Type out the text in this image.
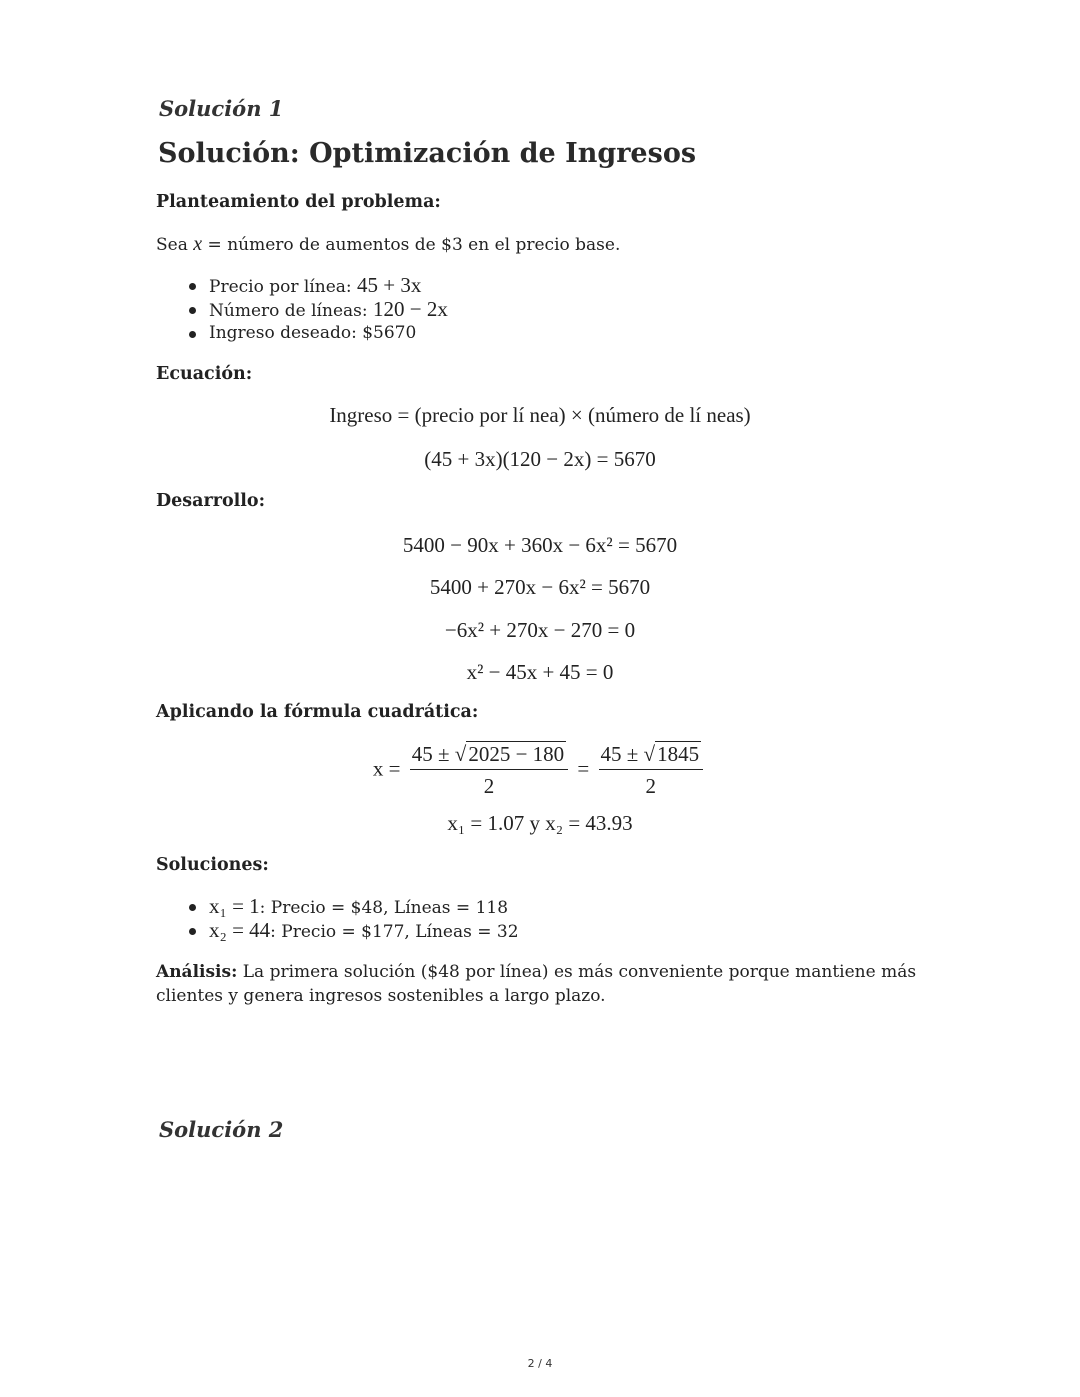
Solución 1
Solución: Optimización de Ingresos
Planteamiento del problema:
Sea x = número de aumentos de $3 en el precio base.
Precio por línea: 45 + 3x
Número de líneas: 120 − 2x
Ingreso deseado: $5670
Ecuación:
Ingreso = (precio por lí nea) × (número de lí neas)
(45 + 3x)(120 − 2x) = 5670
Desarrollo:
5400 − 90x + 360x − 6x² = 5670
5400 + 270x − 6x² = 5670
−6x² + 270x − 270 = 0
x² − 45x + 45 = 0
Aplicando la fórmula cuadrática:
$x = \frac{45 \pm √2025 - 180}{2} = \frac{45 \pm √1845}{2}$
x₁ = 1.07 y x₂ = 43.93
Soluciones:
x₁ = 1: Precio = $48, Líneas = 118
x₂ = 44: Precio = $177, Líneas = 32
Análisis: La primera solución ($48 por línea) es más conveniente porque mantiene más
clientes y genera ingresos sostenibles a largo plazo.
Solución 2
2 / 4
